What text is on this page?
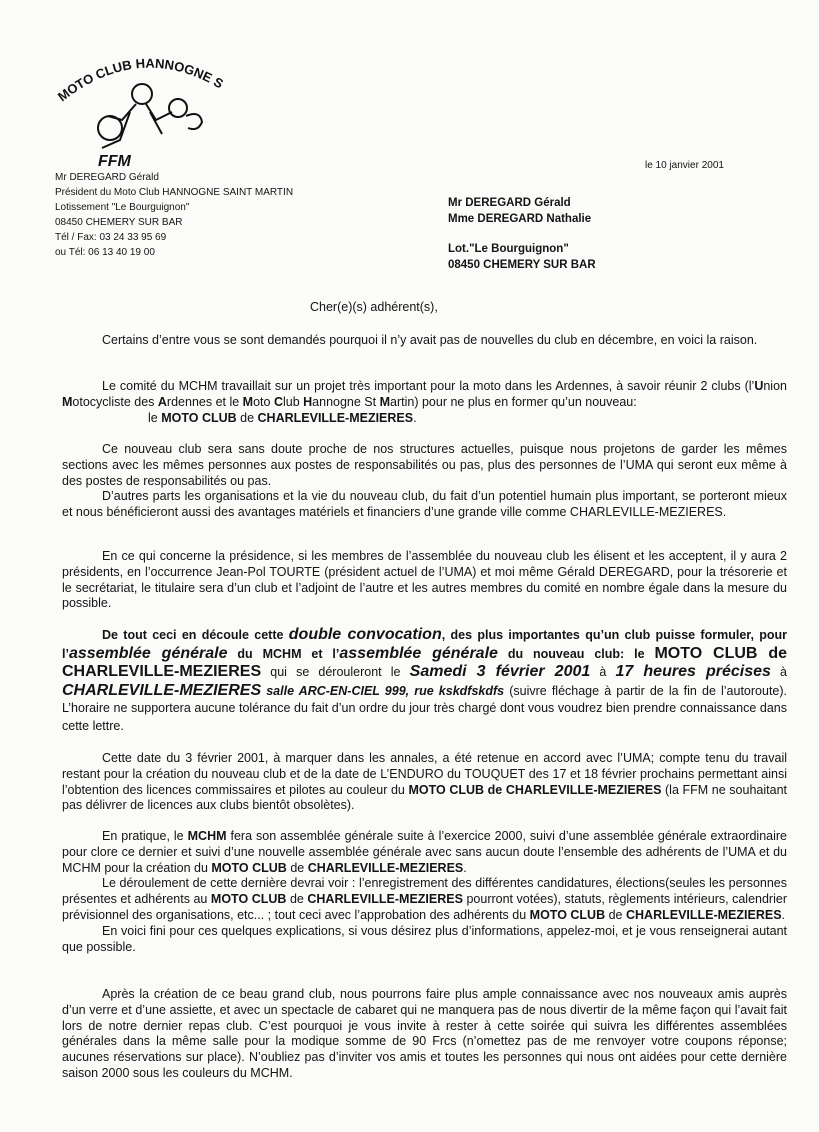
MOTO CLUB HANNOGNE S
FFM
Mr DEREGARD Gérald
Président du Moto Club HANNOGNE SAINT MARTIN
Lotissement "Le Bourguignon"
08450 CHEMERY SUR BAR
Tél / Fax: 03 24 33 95 69
ou Tél: 06 13 40 19 00
le 10 janvier 2001
Mr DEREGARD Gérald
Mme DEREGARD Nathalie
Lot."Le Bourguignon"
08450 CHEMERY SUR BAR
Cher(e)(s) adhérent(s),

Certains d’entre vous se sont demandés pourquoi il n’y avait pas de nouvelles du club en décembre, en voici la raison.

Le comité du MCHM travaillait sur un projet très important pour la moto dans les Ardennes, à savoir réunir 2 clubs (l’Union Motocycliste des Ardennes et le Moto Club Hannogne St Martin) pour ne plus en former qu’un nouveau:

le MOTO CLUB de CHARLEVILLE-MEZIERES.

Ce nouveau club sera sans doute proche de nos structures actuelles, puisque nous projetons de garder les mêmes sections avec les mêmes personnes aux postes de responsabilités ou pas, plus des personnes de l’UMA qui seront eux même à des postes de responsabilités ou pas.

D’autres parts les organisations et la vie du nouveau club, du fait d’un potentiel humain plus important, se porteront mieux et nous bénéficieront aussi des avantages matériels et financiers d’une grande ville comme CHARLEVILLE-MEZIERES.

En ce qui concerne la présidence, si les membres de l’assemblée du nouveau club les élisent et les acceptent, il y aura 2 présidents, en l’occurrence Jean-Pol TOURTE (président actuel de l’UMA) et moi même Gérald DEREGARD, pour la trésorerie et le secrétariat, le titulaire sera d’un club et l’adjoint de l’autre et les autres membres du comité en nombre égale dans la mesure du possible.

De tout ceci en découle cette double convocation, des plus importantes qu’un club puisse formuler, pour l’assemblée générale du MCHM et l’assemblée générale du nouveau club: le MOTO CLUB de CHARLEVILLE-MEZIERES qui se dérouleront le Samedi 3 février 2001 à 17 heures précises à CHARLEVILLE-MEZIERES salle ARC-EN-CIEL 999, rue kskdfskdfs (suivre fléchage à partir de la fin de l’autoroute). L’horaire ne supportera aucune tolérance du fait d’un ordre du jour très chargé dont vous voudrez bien prendre connaissance dans cette lettre.

Cette date du 3 février 2001, à marquer dans les annales, a été retenue en accord avec l’UMA; compte tenu du travail restant pour la création du nouveau club et de la date de L’ENDURO du TOUQUET des 17 et 18 février prochains permettant ainsi l’obtention des licences commissaires et pilotes au couleur du MOTO CLUB de CHARLEVILLE-MEZIERES (la FFM ne souhaitant pas délivrer de licences aux clubs bientôt obsolètes).

En pratique, le MCHM fera son assemblée générale suite à l’exercice 2000, suivi d’une assemblée générale extraordinaire pour clore ce dernier et suivi d’une nouvelle assemblée générale avec sans aucun doute l’ensemble des adhérents de l’UMA et du MCHM pour la création du MOTO CLUB de CHARLEVILLE-MEZIERES.

Le déroulement de cette dernière devrai voir : l’enregistrement des différentes candidatures, élections(seules les personnes présentes et adhérents au MOTO CLUB de CHARLEVILLE-MEZIERES pourront votées), statuts, règlements intérieurs, calendrier prévisionnel des organisations, etc... ; tout ceci avec l’approbation des adhérents du MOTO CLUB de CHARLEVILLE-MEZIERES.

En voici fini pour ces quelques explications, si vous désirez plus d’informations, appelez-moi, et je vous renseignerai autant que possible.

Après la création de ce beau grand club, nous pourrons faire plus ample connaissance avec nos nouveaux amis auprès d’un verre et d’une assiette, et avec un spectacle de cabaret qui ne manquera pas de nous divertir de la même façon qui l’avait fait lors de notre dernier repas club. C’est pourquoi je vous invite à rester à cette soirée qui suivra les différentes assemblées générales dans la même salle pour la modique somme de 90 Frcs (n’omettez pas de me renvoyer votre coupons réponse; aucunes réservations sur place). N’oubliez pas d’inviter vos amis et toutes les personnes qui nous ont aidées pour cette dernière saison 2000 sous les couleurs du MCHM.
